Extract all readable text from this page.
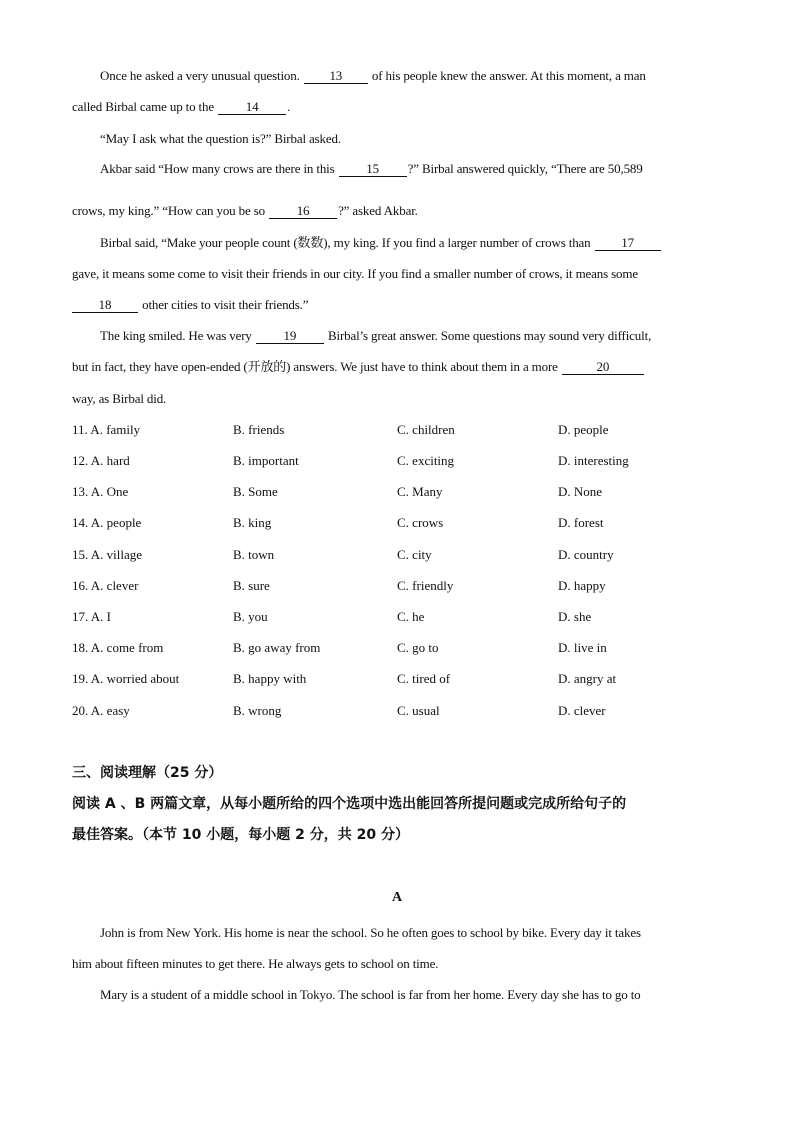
Once he asked a very unusual question. 13 of his people knew the answer. At this moment, a man
called Birbal came up to the 14 .
“May I ask what the question is?” Birbal asked.
Akbar said “How many crows are there in this 15 ?” Birbal answered quickly, “There are 50,589
crows, my king.” “How can you be so 16 ?” asked Akbar.
Birbal said, “Make your people count (数数), my king. If you find a larger number of crows than 17
gave, it means some come to visit their friends in our city. If you find a smaller number of crows, it means some
18 other cities to visit their friends.”
The king smiled. He was very 19 Birbal’s great answer. Some questions may sound very difficult,
but in fact, they have open-ended (开放的) answers. We just have to think about them in a more	20
way, as Birbal did.
11. A. family	B. friends	C. children	D. people
12. A. hard	B. important	C. exciting	D. interesting
13. A. One	B. Some	C. Many	D. None
14. A. people	B. king	C. crows	D. forest
15. A. village	B. town	C. city	D. country
16. A. clever	B. sure	C. friendly	D. happy
17. A. I	B. you	C. he	D. she
18. A. come from	B. go away from	C. go to	D. live in
19. A. worried about	B. happy with	C. tired of	D. angry at
20. A. easy	B. wrong	C. usual	D. clever
三、阅读理解（25 分）
阅读 A 、B 两篇文章，从每小题所给的四个选项中选出能回答所提问题或完成所给句子的
最佳答案。（本节 10 小题，每小题 2 分，共 20 分）
A
John is from New York. His home is near the school. So he often goes to school by bike. Every day it takes
him about fifteen minutes to get there. He always gets to school on time.
Mary is a student of a middle school in Tokyo. The school is far from her home. Every day she has to go to
